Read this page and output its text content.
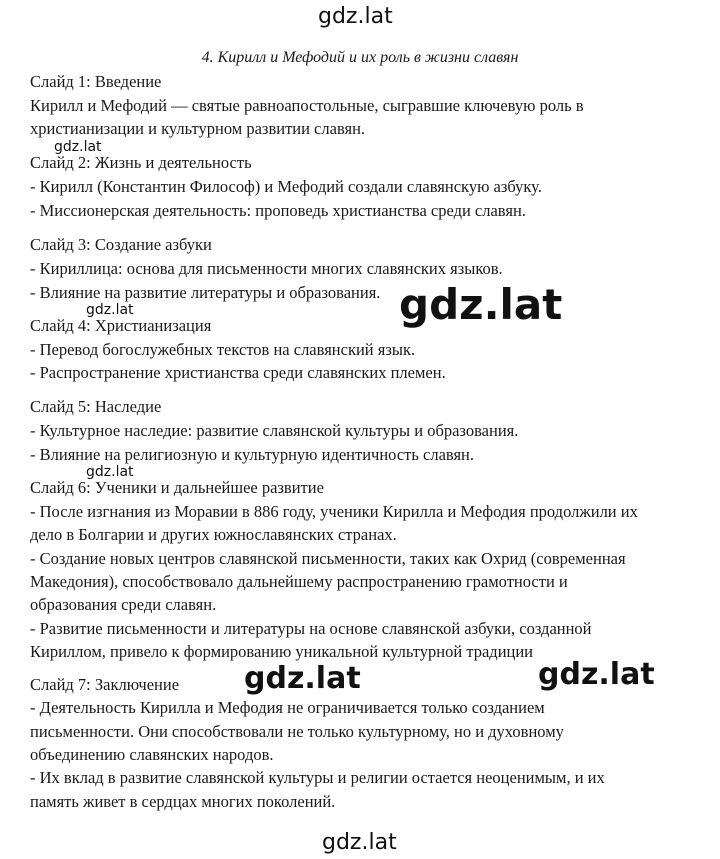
gdz.lat
4. Кирилл и Мефодий и их роль в жизни славян
Слайд 1: Введение
Кирилл и Мефодий — святые равноапостольные, сыгравшие ключевую роль в
христианизации и культурном развитии славян.
gdz.lat
Слайд 2: Жизнь и деятельность
- Кирилл (Константин Философ) и Мефодий создали славянскую азбуку.
- Миссионерская деятельность: проповедь христианства среди славян.
Слайд 3: Создание азбуки
- Кириллица: основа для письменности многих славянских языков.
- Влияние на развитие литературы и образования.
gdz.lat	gdz.lat
Слайд 4: Христианизация
- Перевод богослужебных текстов на славянский язык.
- Распространение христианства среди славянских племен.
Слайд 5: Наследие
- Культурное наследие: развитие славянской культуры и образования.
- Влияние на религиозную и культурную идентичность славян.
gdz.lat
Слайд 6: Ученики и дальнейшее развитие
- После изгнания из Моравии в 886 году, ученики Кирилла и Мефодия продолжили их
дело в Болгарии и других южнославянских странах.
- Создание новых центров славянской письменности, таких как Охрид (современная
Македония), способствовало дальнейшему распространению грамотности и
образования среди славян.
- Развитие письменности и литературы на основе славянской азбуки, созданной
Кириллом, привело к формированию уникальной культурной традиции
gdz.lat	gdz.lat
Слайд 7: Заключение
- Деятельность Кирилла и Мефодия не ограничивается только созданием
письменности. Они способствовали не только культурному, но и духовному
объединению славянских народов.
- Их вклад в развитие славянской культуры и религии остается неоценимым, и их
память живет в сердцах многих поколений.
gdz.lat
